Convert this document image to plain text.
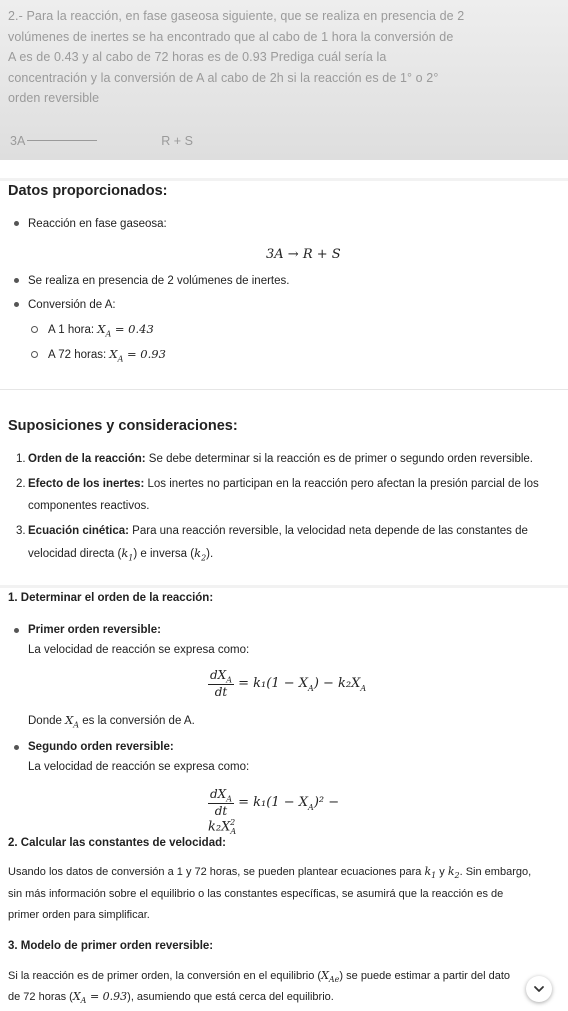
2.- Para la reacción, en fase gaseosa siguiente, que se realiza en presencia de 2
volúmenes de inertes se ha encontrado que al cabo de 1 hora la conversión de
A es de 0.43 y al cabo de 72 horas es de 0.93 Prediga cuál sería la
concentración y la conversión de A al cabo de 2h si la reacción es de 1° o 2°
orden reversible
3A	R + S
Datos proporcionados:
Reacción en fase gaseosa:
3A → R + S
Se realiza en presencia de 2 volúmenes de inertes.
Conversión de A:
A 1 hora: $X_A = 0.43$
A 72 horas: $X_A = 0.93$
Suposiciones y consideraciones:
1. Orden de la reacción: Se debe determinar si la reacción es de primer o segundo orden reversible.
2. Efecto de los inertes: Los inertes no participan en la reacción pero afectan la presión parcial de los
componentes reactivos.
3. Ecuación cinética: Para una reacción reversible, la velocidad neta depende de las constantes de
velocidad directa $(k_1)$ e inversa $(k_2)$.
1. Determinar el orden de la reacción:
Primer orden reversible:
La velocidad de reacción se expresa como:
$\frac{dX_A}{dt} = k_1(1 - X_A) - k_2X_A$
Donde $X_A$ es la conversión de A.
Segundo orden reversible:
La velocidad de reacción se expresa como:
$\frac{dX_A}{dt} = k_1(1 - X_A)^2 - k_2X_A^2$
2. Calcular las constantes de velocidad:
Usando los datos de conversión a 1 y 72 horas, se pueden plantear ecuaciones para $k_1$ y $k_2$. Sin embargo,
sin más información sobre el equilibrio o las constantes específicas, se asumirá que la reacción es de
primer orden para simplificar.
3. Modelo de primer orden reversible:
Si la reacción es de primer orden, la conversión en el equilibrio $(X_{Ae})$ se puede estimar a partir del dato
de 72 horas $(X_A = 0.93)$, asumiendo que está cerca del equilibrio.
